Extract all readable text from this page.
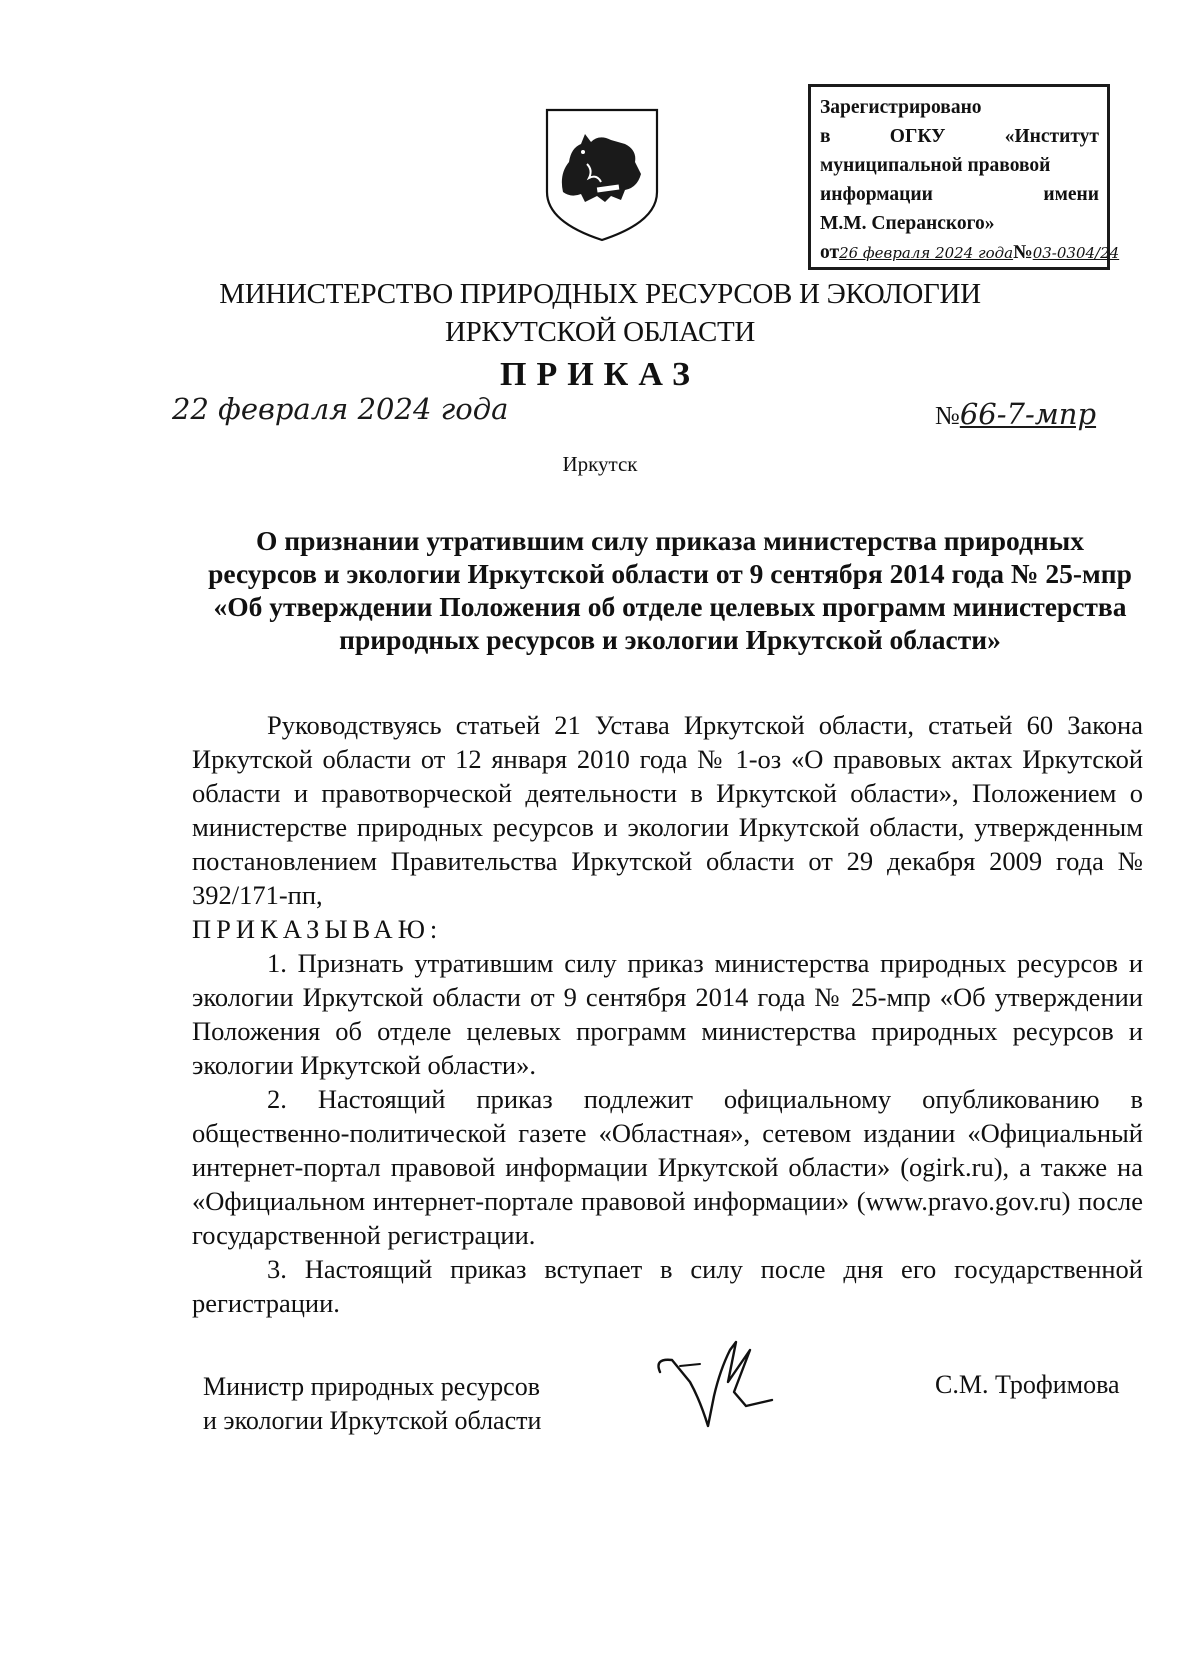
Зарегистрировано
в	ОГКУ	«Институт
муниципальной правовой
информации	имени
М.М. Сперанского»
от26 февраля 2024 года№03-0304/24
МИНИСТЕРСТВО ПРИРОДНЫХ РЕСУРСОВ И ЭКОЛОГИИ
ИРКУТСКОЙ ОБЛАСТИ
ПРИКАЗ
22 февраля 2024 года	№66-7-мпр
Иркутск
О признании утратившим силу приказа министерства природных ресурсов и экологии Иркутской области от 9 сентября 2014 года № 25-мпр «Об утверждении Положения об отделе целевых программ министерства природных ресурсов и экологии Иркутской области»

Руководствуясь статьей 21 Устава Иркутской области, статьей 60 Закона Иркутской области от 12 января 2010 года № 1-оз «О правовых актах Иркутской области и правотворческой деятельности в Иркутской области», Положением о министерстве природных ресурсов и экологии Иркутской области, утвержденным постановлением Правительства Иркутской области от 29 декабря 2009 года № 392/171-пп,

ПРИКАЗЫВАЮ:

1. Признать утратившим силу приказ министерства природных ресурсов и экологии Иркутской области от 9 сентября 2014 года № 25-мпр «Об утверждении Положения об отделе целевых программ министерства природных ресурсов и экологии Иркутской области».

2. Настоящий приказ подлежит официальному опубликованию в общественно-политической газете «Областная», сетевом издании «Официальный интернет-портал правовой информации Иркутской области» (ogirk.ru), а также на «Официальном интернет-портале правовой информации» (www.pravo.gov.ru) после государственной регистрации.

3. Настоящий приказ вступает в силу после дня его государственной регистрации.

Министр природных ресурсов
и экологии Иркутской области
С.М. Трофимова
